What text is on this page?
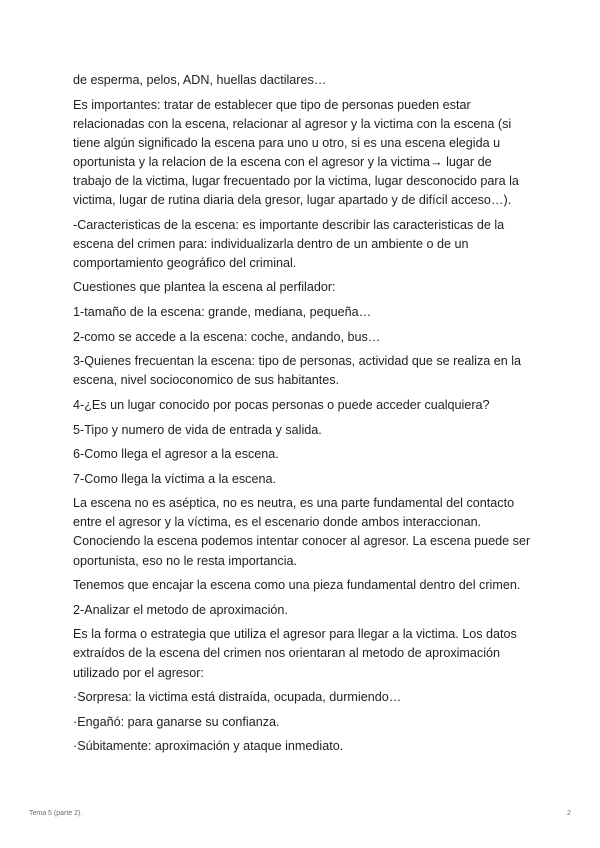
de esperma, pelos, ADN, huellas dactilares…

Es importantes: tratar de establecer que tipo de personas pueden estar relacionadas con la escena, relacionar al agresor y la victima con la escena (si tiene algún significado la escena para uno u otro, si es una escena elegida u oportunista y la relacion de la escena con el agresor y la victima→ lugar de trabajo de la victima, lugar frecuentado por la victima, lugar desconocido para la victima, lugar de rutina diaria dela gresor, lugar apartado y de difícil acceso…).

-Caracteristicas de la escena: es importante describir las caracteristicas de la escena del crimen para: individualizarla dentro de un ambiente o de un comportamiento geográfico del criminal.

Cuestiones que plantea la escena al perfilador:

1-tamaño de la escena: grande, mediana, pequeña…

2-como se accede a la escena: coche, andando, bus…

3-Quienes frecuentan la escena: tipo de personas, actividad que se realiza en la escena, nivel socioconomico de sus habitantes.

4-¿Es un lugar conocido por pocas personas o puede acceder cualquiera?

5-Tipo y numero de vida de entrada y salida.

6-Como llega el agresor a la escena.

7-Como llega la víctima a la escena.

La escena no es aséptica, no es neutra, es una parte fundamental del contacto entre el agresor y la víctima, es el escenario donde ambos interaccionan. Conociendo la escena podemos intentar conocer al agresor. La escena puede ser oportunista, eso no le resta importancia.

Tenemos que encajar la escena como una pieza fundamental dentro del crimen.

2-Analizar el metodo de aproximación.

Es la forma o estrategia que utiliza el agresor para llegar a la victima. Los datos extraídos de la escena del crimen nos orientaran al metodo de aproximación utilizado por el agresor:

·Sorpresa: la victima está distraída, ocupada, durmiendo…

·Engañó: para ganarse su confianza.

·Súbitamente: aproximación y ataque inmediato.

Tema 5 (parte 2).	2
